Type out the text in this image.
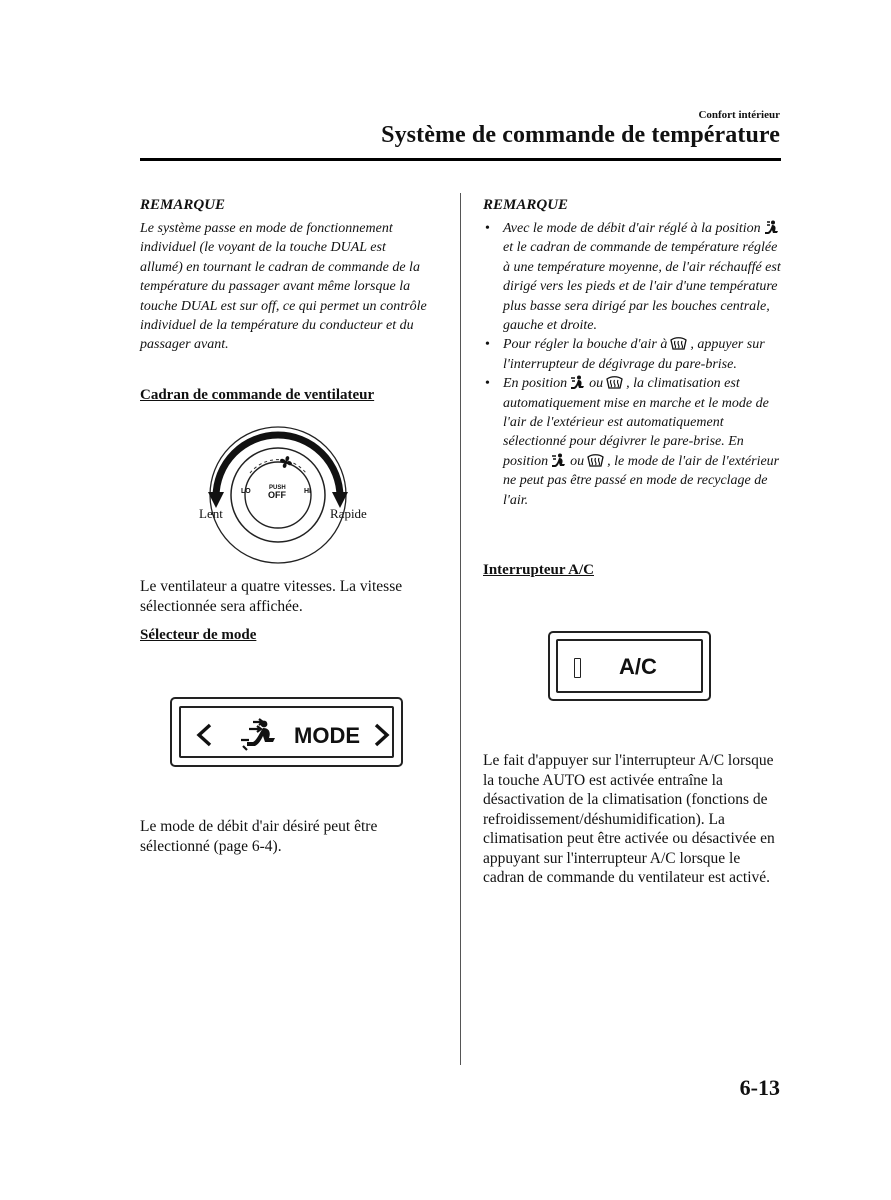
Confort intérieur
Système de commande de température
REMARQUE
Le système passe en mode de fonctionnement individuel (le voyant de la touche DUAL est allumé) en tournant le cadran de commande de la température du passager avant même lorsque la touche DUAL est sur off, ce qui permet un contrôle individuel de la température du conducteur et du passager avant.
Cadran de commande de ventilateur
LO	HI
PUSH
OFF
Lent	Rapide
Le ventilateur a quatre vitesses. La vitesse sélectionnée sera affichée.
Sélecteur de mode
MODE
Le mode de débit d'air désiré peut être sélectionné (page 6-4).
REMARQUE
• Avec le mode de débit d'air réglé à la positionet le cadran de commande de température réglée à une température moyenne, de l'air réchauffé est dirigé vers les pieds et de l'air d'une température plus basse sera dirigé par les bouches centrale, gauche et droite.
• Pour régler la bouche d'air à , appuyer sur l'interrupteur de dégivrage du pare-brise.
• En position ou , la climatisation est automatiquement mise en marche et le mode de l'air de l'extérieur est automatiquement sélectionné pour dégivrer le pare-brise. En position ou , le mode de l'air de l'extérieur ne peut pas être passé en mode de recyclage de l'air.
Interrupteur A/C
A/C
Le fait d'appuyer sur l'interrupteur A/C lorsque la touche AUTO est activée entraîne la désactivation de la climatisation (fonctions de refroidissement/déshumidification). La climatisation peut être activée ou désactivée en appuyant sur l'interrupteur A/C lorsque le cadran de commande du ventilateur est activé.
6-13
